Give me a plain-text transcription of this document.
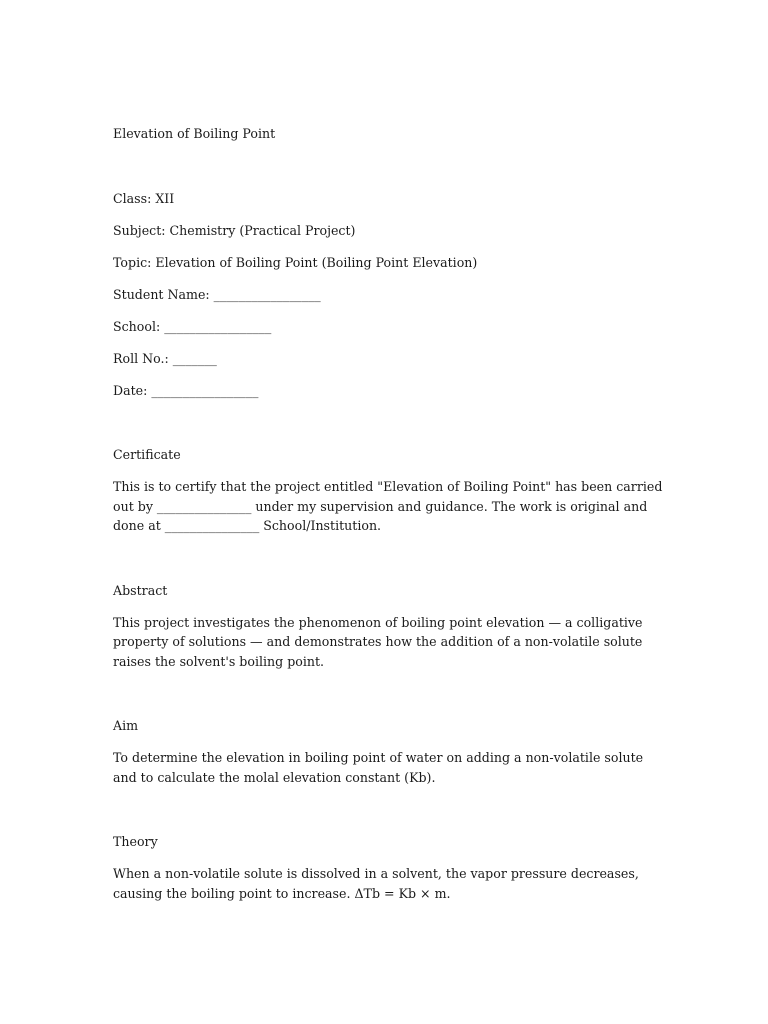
Elevation of Boiling Point

Class: XII

Subject: Chemistry (Practical Project)

Topic: Elevation of Boiling Point (Boiling Point Elevation)

Student Name: _________________

School: _________________

Roll No.: _______

Date: _________________

Certificate

This is to certify that the project entitled "Elevation of Boiling Point" has been carried out by _______________ under my supervision and guidance. The work is original and done at _______________ School/Institution.

Abstract

This project investigates the phenomenon of boiling point elevation — a colligative property of solutions — and demonstrates how the addition of a non-volatile solute raises the solvent's boiling point.

Aim

To determine the elevation in boiling point of water on adding a non-volatile solute and to calculate the molal elevation constant (Kb).

Theory

When a non-volatile solute is dissolved in a solvent, the vapor pressure decreases, causing the boiling point to increase. ΔTb = Kb × m.
